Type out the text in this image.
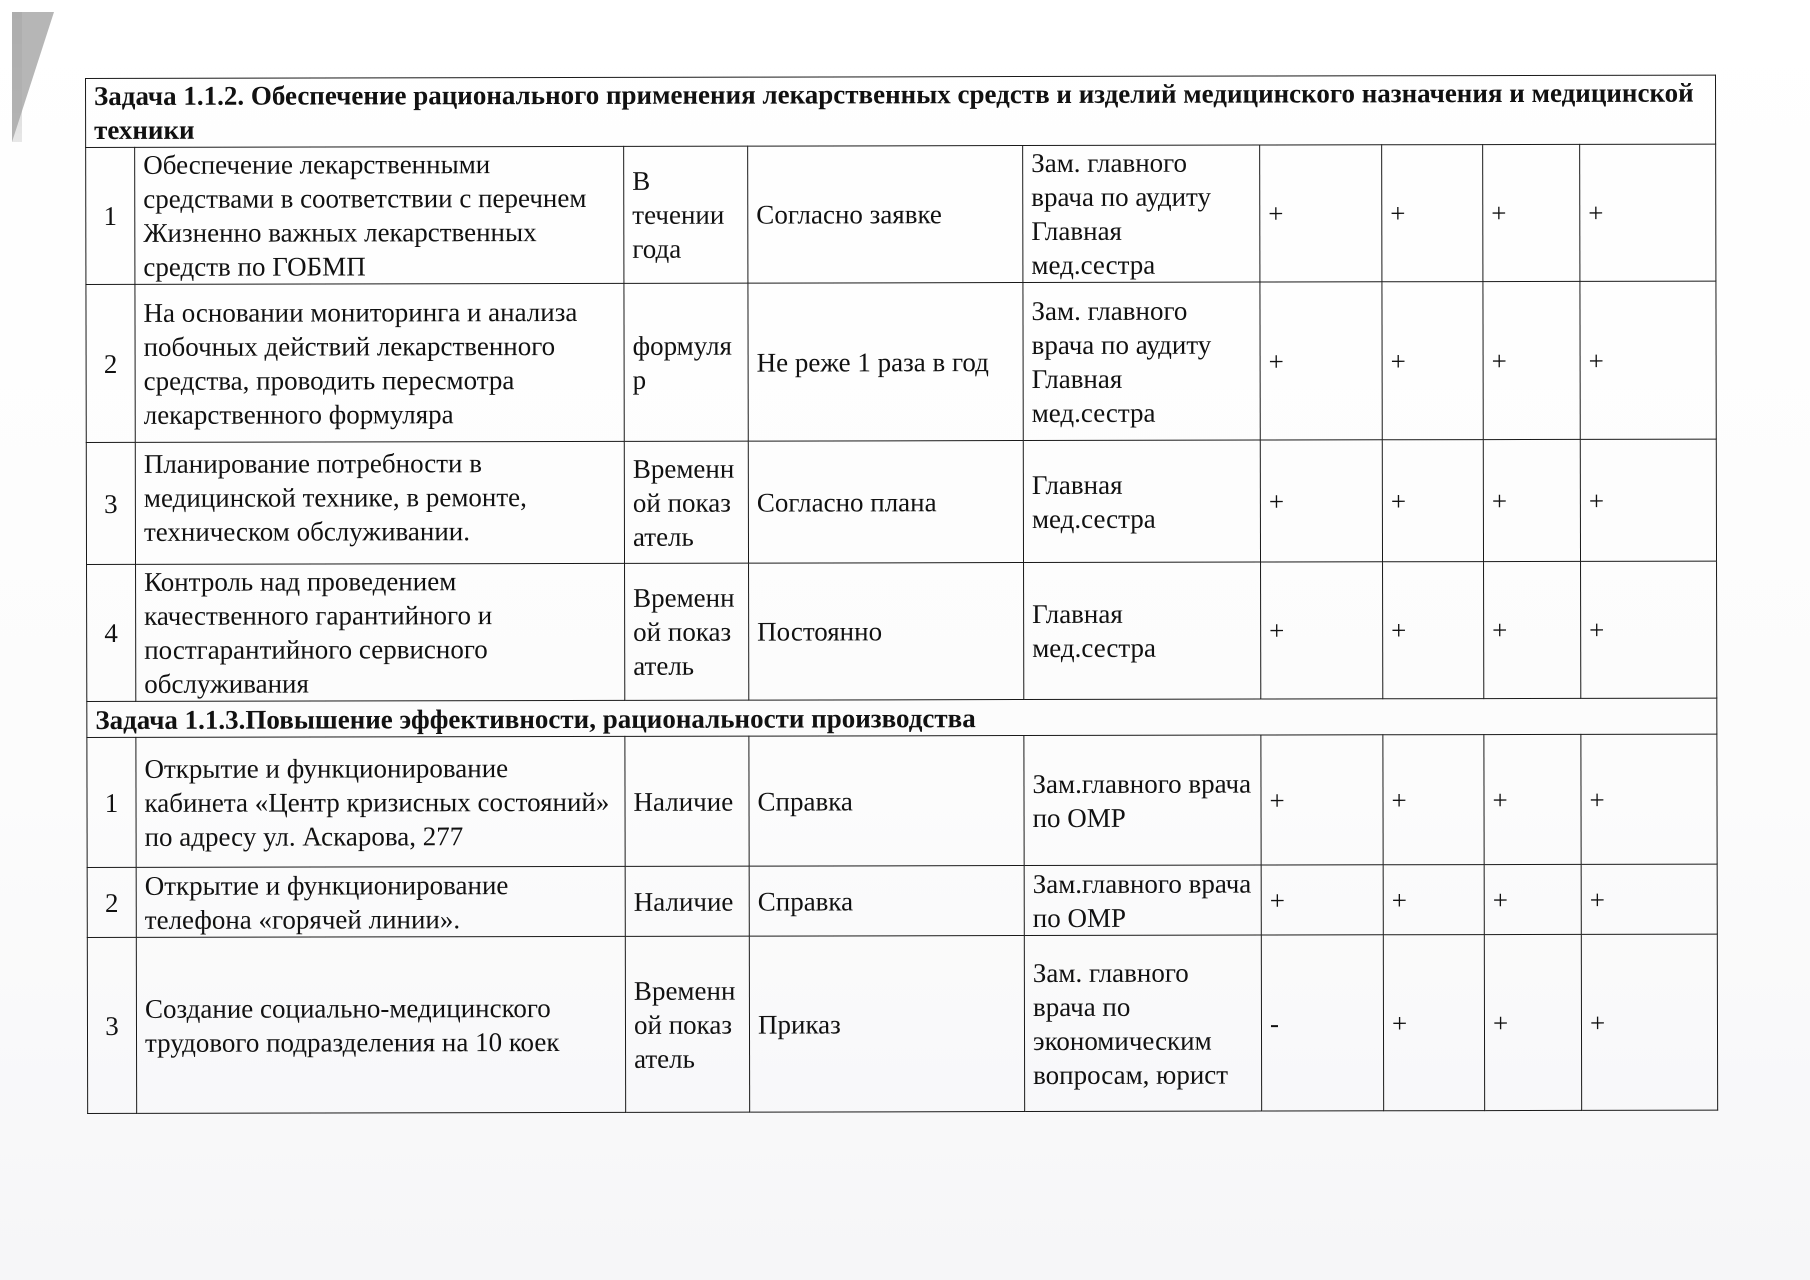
Задача 1.1.2. Обеспечение рационального применения лекарственных средств и изделий медицинского назначения и медицинской техники								
1	Обеспечение лекарственными средствами в соответствии с перечнем Жизненно важных лекарственных средств по ГОБМП	В течении года	Согласно заявке	Зам. главного врача по аудиту Главная мед.сестра	+	+	+	+
2	На основании мониторинга и анализа побочных действий лекарственного средства, проводить пересмотра лекарственного формуляра	формуляр	Не реже 1 раза в год	Зам. главного врача по аудиту Главная мед.сестра	+	+	+	+
3	Планирование потребности в медицинской технике, в ремонте, техническом обслуживании.	Временной показатель	Согласно плана	Главная мед.сестра	+	+	+	+
4	Контроль над проведением качественного гарантийного и постгарантийного сервисного обслуживания	Временной показатель	Постоянно	Главная мед.сестра	+	+	+	+
Задача 1.1.3.Повышение эффективности, рациональности производства								
1	Открытие и функционирование кабинета «Центр кризисных состояний» по адресу ул. Аскарова, 277	Наличие	Справка	Зам.главного врача по ОМР	+	+	+	+
2	Открытие и функционирование телефона «горячей линии».	Наличие	Справка	Зам.главного врача по ОМР	+	+	+	+
3	Создание социально-медицинского трудового подразделения на 10 коек	Временной показатель	Приказ	Зам. главного врача по экономическим вопросам, юрист	-	+	+	+
